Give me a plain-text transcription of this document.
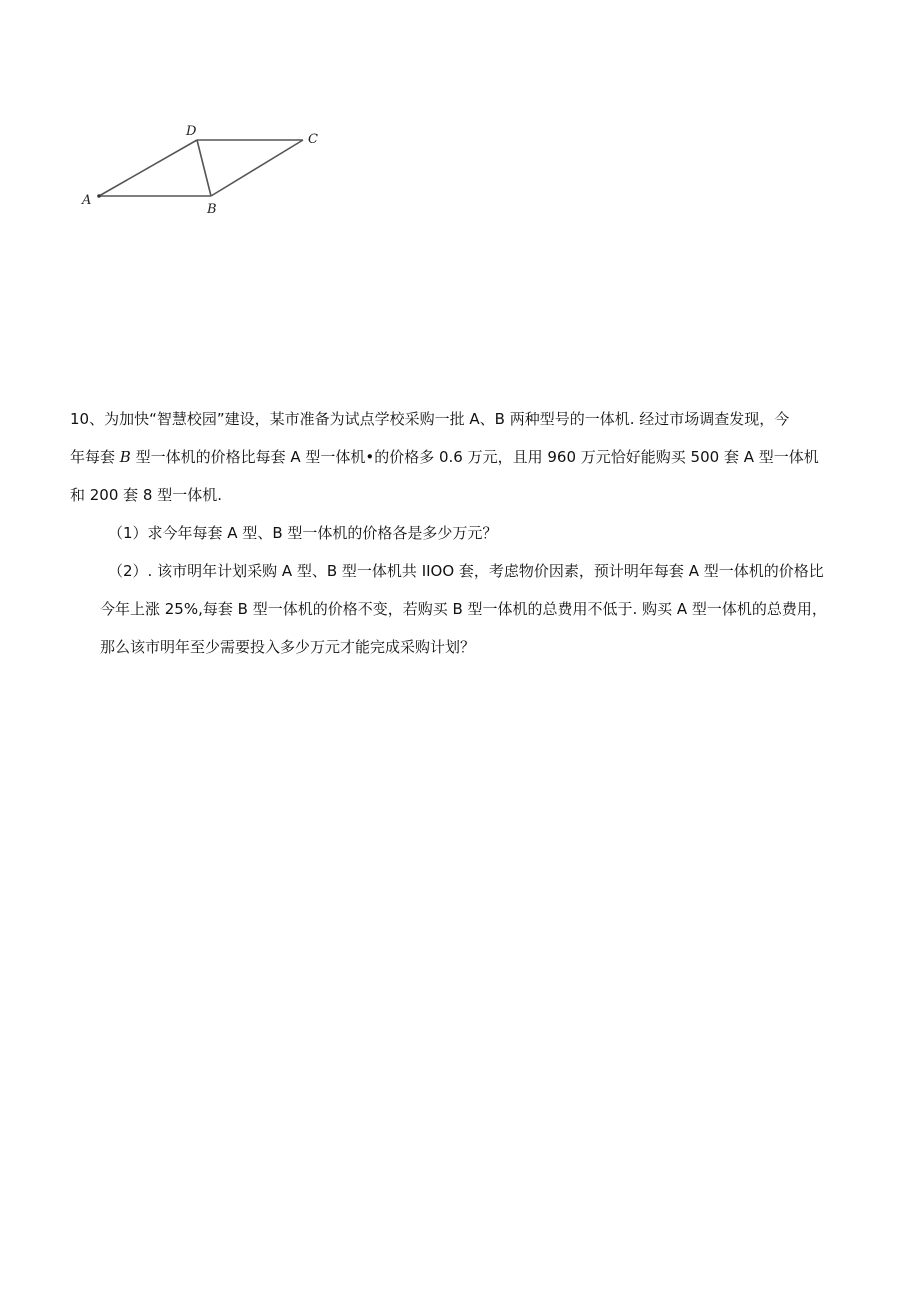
A
D
C
B
10、为加快“智慧校园”建设，某市准备为试点学校采购一批 A、B 两种型号的一体机. 经过市场调查发现，今
年每套 B 型一体机的价格比每套 A 型一体机•的价格多 0.6 万元，且用 960 万元恰好能购买 500 套 A 型一体机
和 200 套 8 型一体机.
（1）求今年每套 A 型、B 型一体机的价格各是多少万元？
（2）. 该市明年计划采购 A 型、B 型一体机共 IIOO 套，考虑物价因素，预计明年每套 A 型一体机的价格比
今年上涨 25%,每套 B 型一体机的价格不变，若购买 B 型一体机的总费用不低于. 购买 A 型一体机的总费用，
那么该市明年至少需要投入多少万元才能完成采购计划？
